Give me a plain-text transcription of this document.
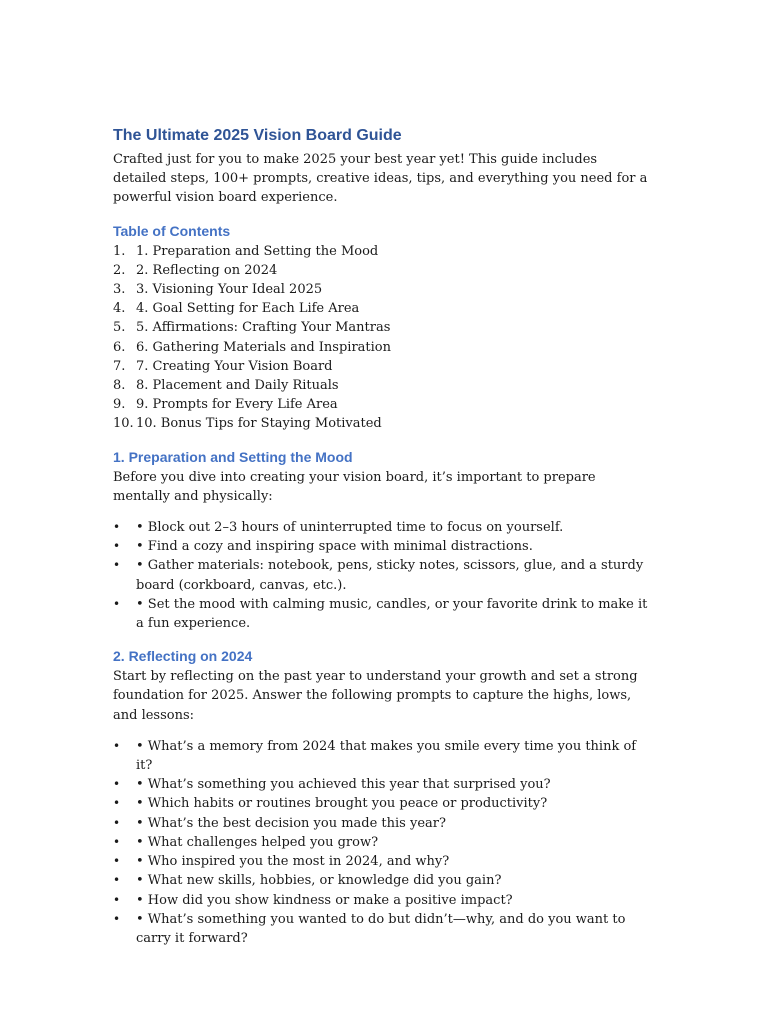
The Ultimate 2025 Vision Board Guide

Crafted just for you to make 2025 your best year yet! This guide includes detailed steps, 100+ prompts, creative ideas, tips, and everything you need for a powerful vision board experience.

Table of Contents
1. 1. Preparation and Setting the Mood
2. 2. Reflecting on 2024
3. 3. Visioning Your Ideal 2025
4. 4. Goal Setting for Each Life Area
5. 5. Affirmations: Crafting Your Mantras
6. 6. Gathering Materials and Inspiration
7. 7. Creating Your Vision Board
8. 8. Placement and Daily Rituals
9. 9. Prompts for Every Life Area
10. 10. Bonus Tips for Staying Motivated
1. Preparation and Setting the Mood

Before you dive into creating your vision board, it’s important to prepare mentally and physically:

•	• Block out 2–3 hours of uninterrupted time to focus on yourself.
•	• Find a cozy and inspiring space with minimal distractions.
•	• Gather materials: notebook, pens, sticky notes, scissors, glue, and a sturdy board (corkboard, canvas, etc.).
•	• Set the mood with calming music, candles, or your favorite drink to make it a fun experience.
2. Reflecting on 2024

Start by reflecting on the past year to understand your growth and set a strong foundation for 2025. Answer the following prompts to capture the highs, lows, and lessons:

•	• What’s a memory from 2024 that makes you smile every time you think of it?
•	• What’s something you achieved this year that surprised you?
•	• Which habits or routines brought you peace or productivity?
•	• What’s the best decision you made this year?
•	• What challenges helped you grow?
•	• Who inspired you the most in 2024, and why?
•	• What new skills, hobbies, or knowledge did you gain?
•	• How did you show kindness or make a positive impact?
•	• What’s something you wanted to do but didn’t—why, and do you want to carry it forward?
